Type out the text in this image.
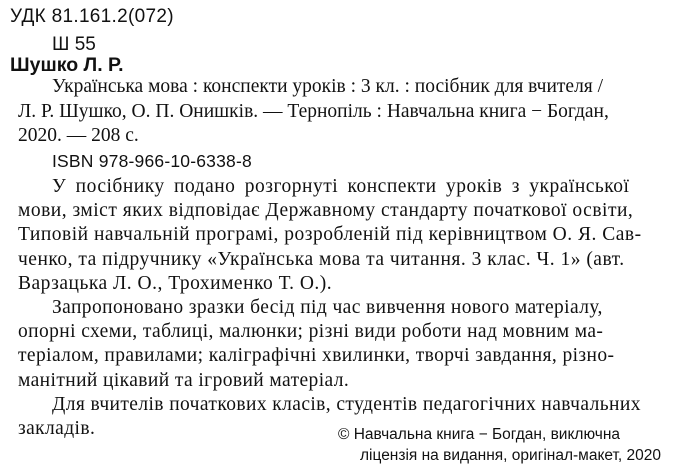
УДК 81.161.2(072)
Ш 55
Шушко Л. Р.
Українська мова : конспекти уроків : 3 кл. : посібник для вчителя /
Л. Р. Шушко, О. П. Онишків. — Тернопіль : Навчальна книга − Богдан,
2020. — 208 с.
ISBN 978-966-10-6338-8

У посібнику подано розгорнуті конспекти уроків з української
мови, зміст яких відповідає Державному стандарту початкової освіти,
Типовій навчальній програмі, розробленій під керівництвом О. Я. Сав-
ченко, та підручнику «Українська мова та читання. 3 клас. Ч. 1» (авт.
Варзацька Л. О., Трохименко Т. О.).

Запропоновано зразки бесід під час вивчення нового матеріалу,
опорні схеми, таблиці, малюнки; різні види роботи над мовним ма-
теріалом, правилами; каліграфічні хвилинки, творчі завдання, різно-
манітний цікавий та ігровий матеріал.

Для вчителів початкових класів, студентів педагогічних навчальних
закладів.	© Навчальна книга − Богдан, виключна
ліцензія на видання, оригінал-макет, 2020
